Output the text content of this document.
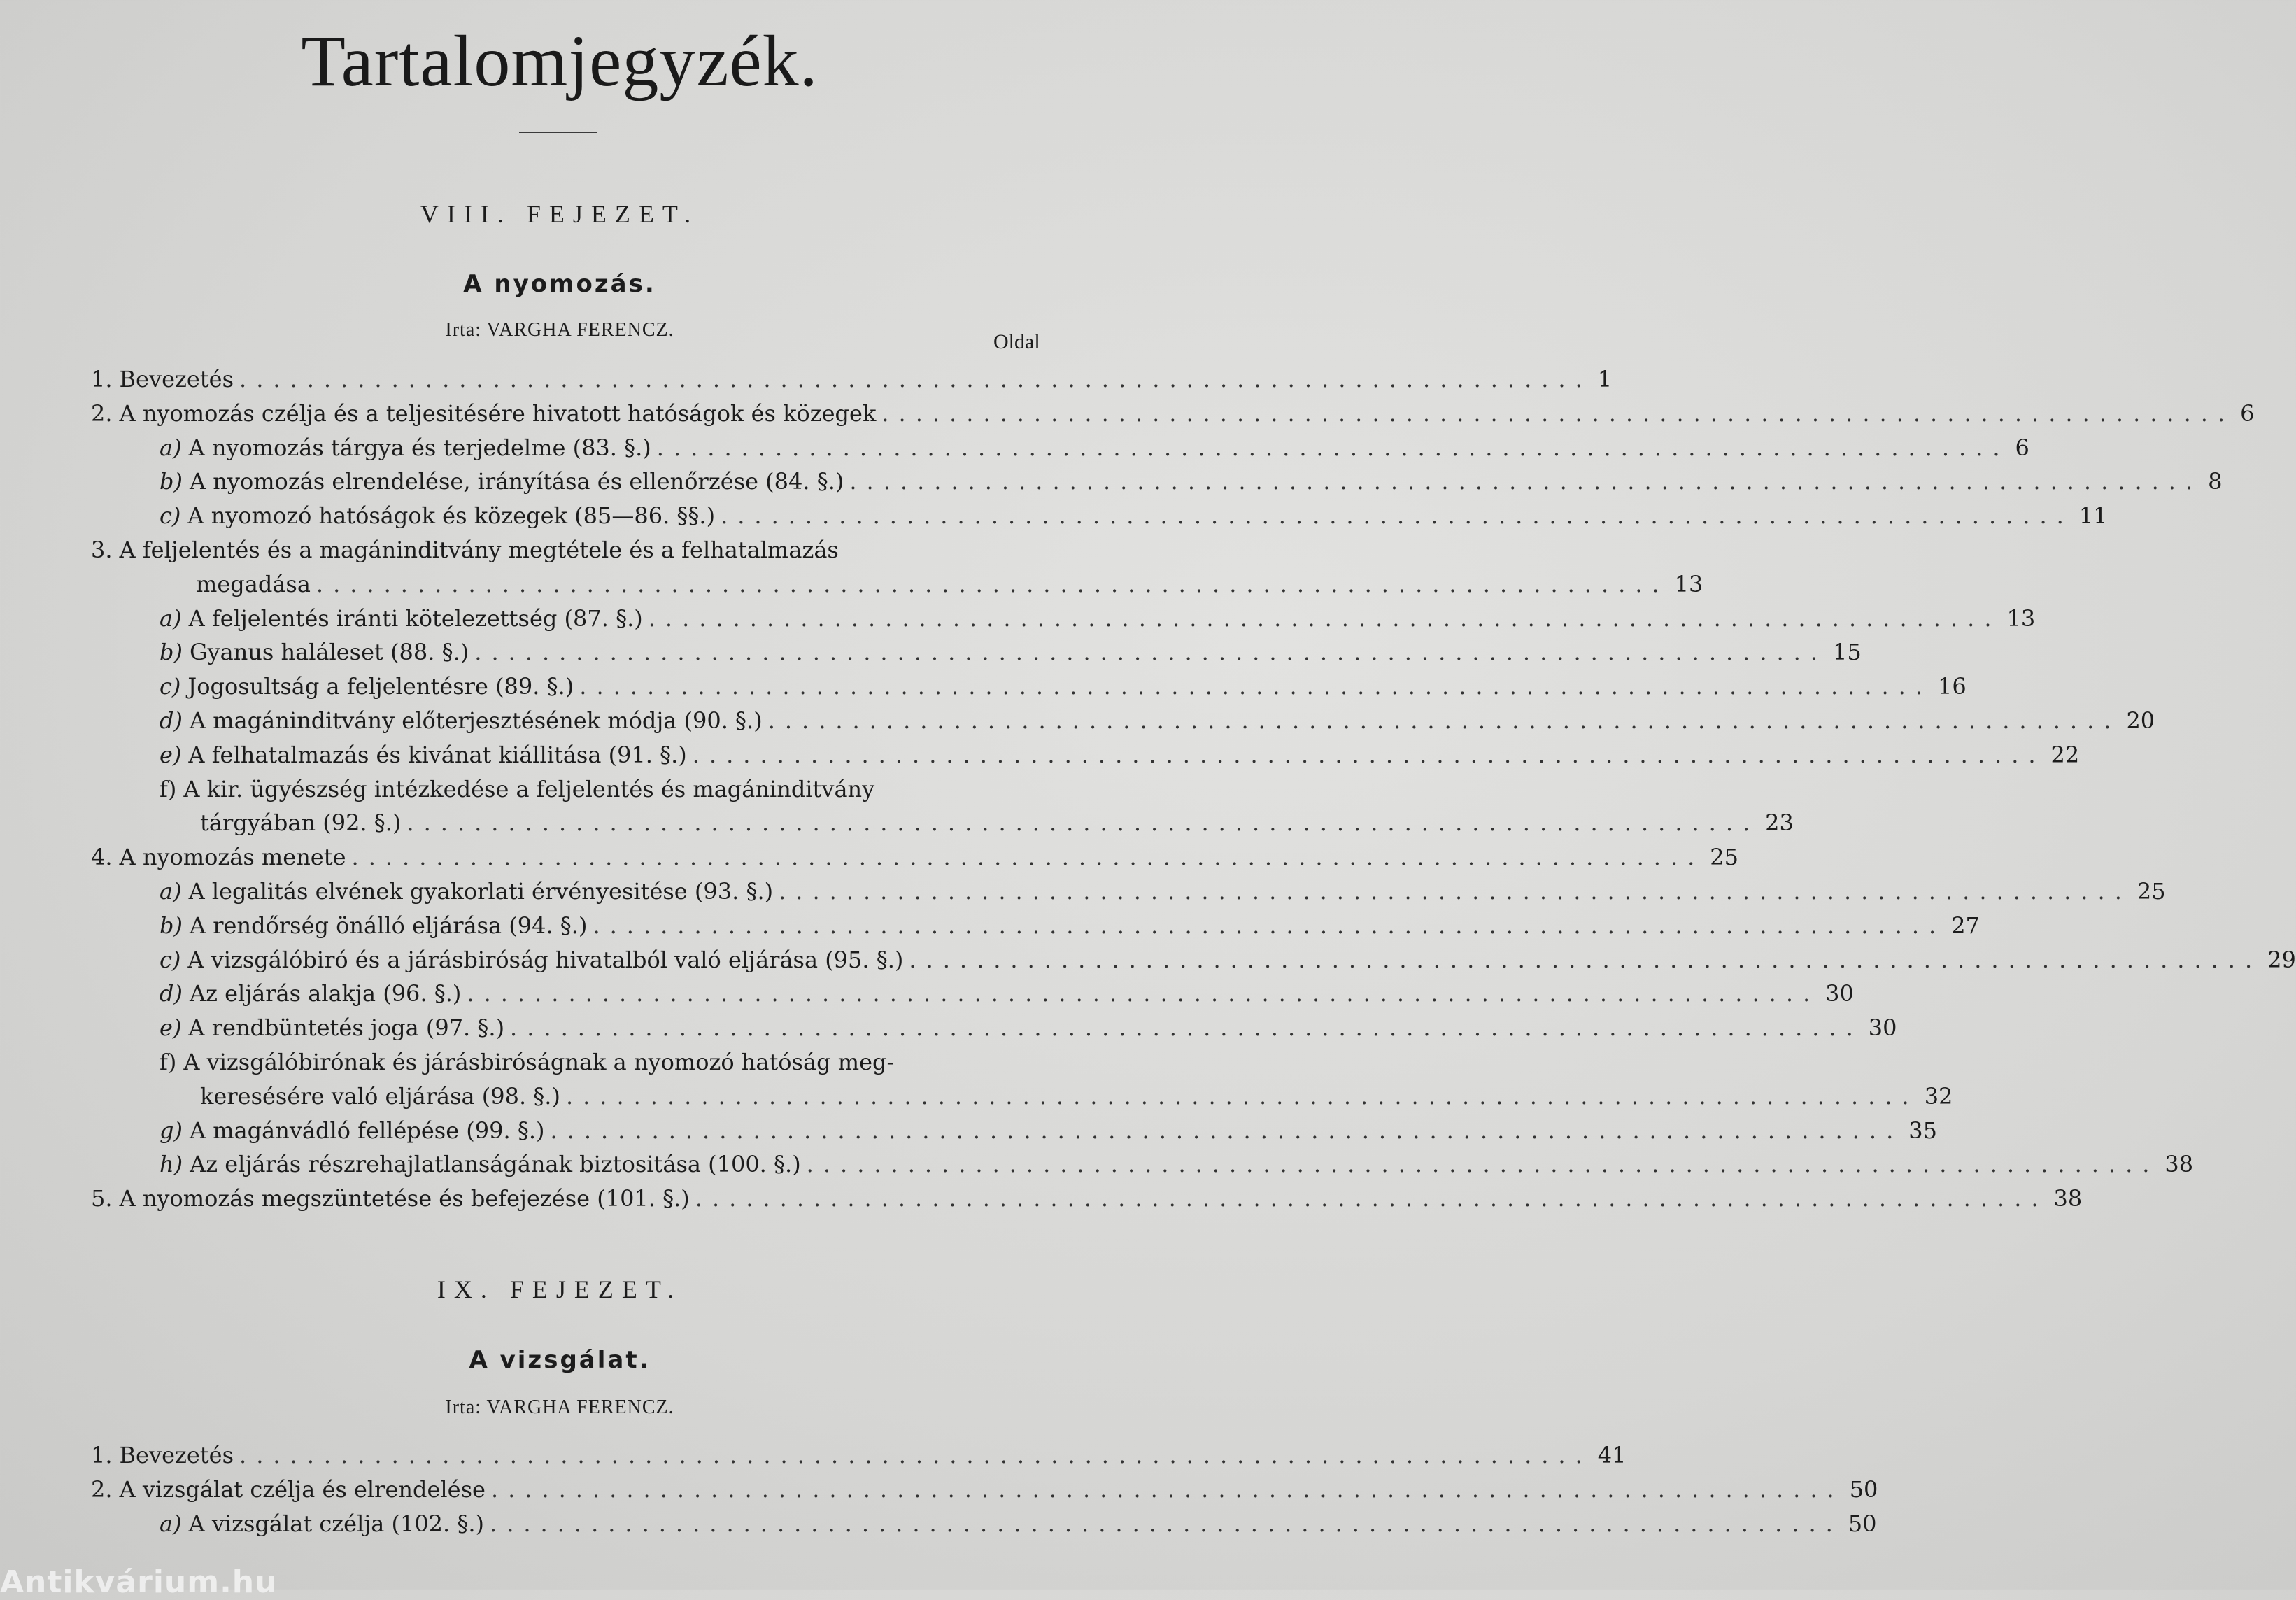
Tartalomjegyzék.
VIII. FEJEZET.
A nyomozás.
Irta: VARGHA FERENCZ.
Oldal
1. Bevezetés ................................................................................ 1
2. A nyomozás czélja és a teljesitésére hivatott hatóságok és közegek ................................................................................ 6
a) A nyomozás tárgya és terjedelme (83. §.) ................................................................................ 6
b) A nyomozás elrendelése, irányítása és ellenőrzése (84. §.) ................................................................................ 8
c) A nyomozó hatóságok és közegek (85—86. §§.) ................................................................................ 11
3. A feljelentés és a magáninditvány megtétele és a felhatalmazás
megadása ................................................................................ 13
a) A feljelentés iránti kötelezettség (87. §.) ................................................................................ 13
b) Gyanus haláleset (88. §.) ................................................................................ 15
c) Jogosultság a feljelentésre (89. §.) ................................................................................ 16
d) A magáninditvány előterjesztésének módja (90. §.) ................................................................................ 20
e) A felhatalmazás és kivánat kiállitása (91. §.) ................................................................................ 22
f) A kir. ügyészség intézkedése a feljelentés és magáninditvány
tárgyában (92. §.) ................................................................................ 23
4. A nyomozás menete ................................................................................ 25
a) A legalitás elvének gyakorlati érvényesitése (93. §.) ................................................................................ 25
b) A rendőrség önálló eljárása (94. §.) ................................................................................ 27
c) A vizsgálóbiró és a járásbiróság hivatalból való eljárása (95. §.) ................................................................................ 29
d) Az eljárás alakja (96. §.) ................................................................................ 30
e) A rendbüntetés joga (97. §.) ................................................................................ 30
f) A vizsgálóbirónak és járásbiróságnak a nyomozó hatóság meg-
keresésére való eljárása (98. §.) ................................................................................ 32
g) A magánvádló fellépése (99. §.) ................................................................................ 35
h) Az eljárás részrehajlatlanságának biztositása (100. §.) ................................................................................ 38
5. A nyomozás megszüntetése és befejezése (101. §.) ................................................................................ 38
IX. FEJEZET.
A vizsgálat.
Irta: VARGHA FERENCZ.
1. Bevezetés ................................................................................ 41
2. A vizsgálat czélja és elrendelése ................................................................................ 50
a) A vizsgálat czélja (102. §.) ................................................................................ 50
Antikvárium.hu
